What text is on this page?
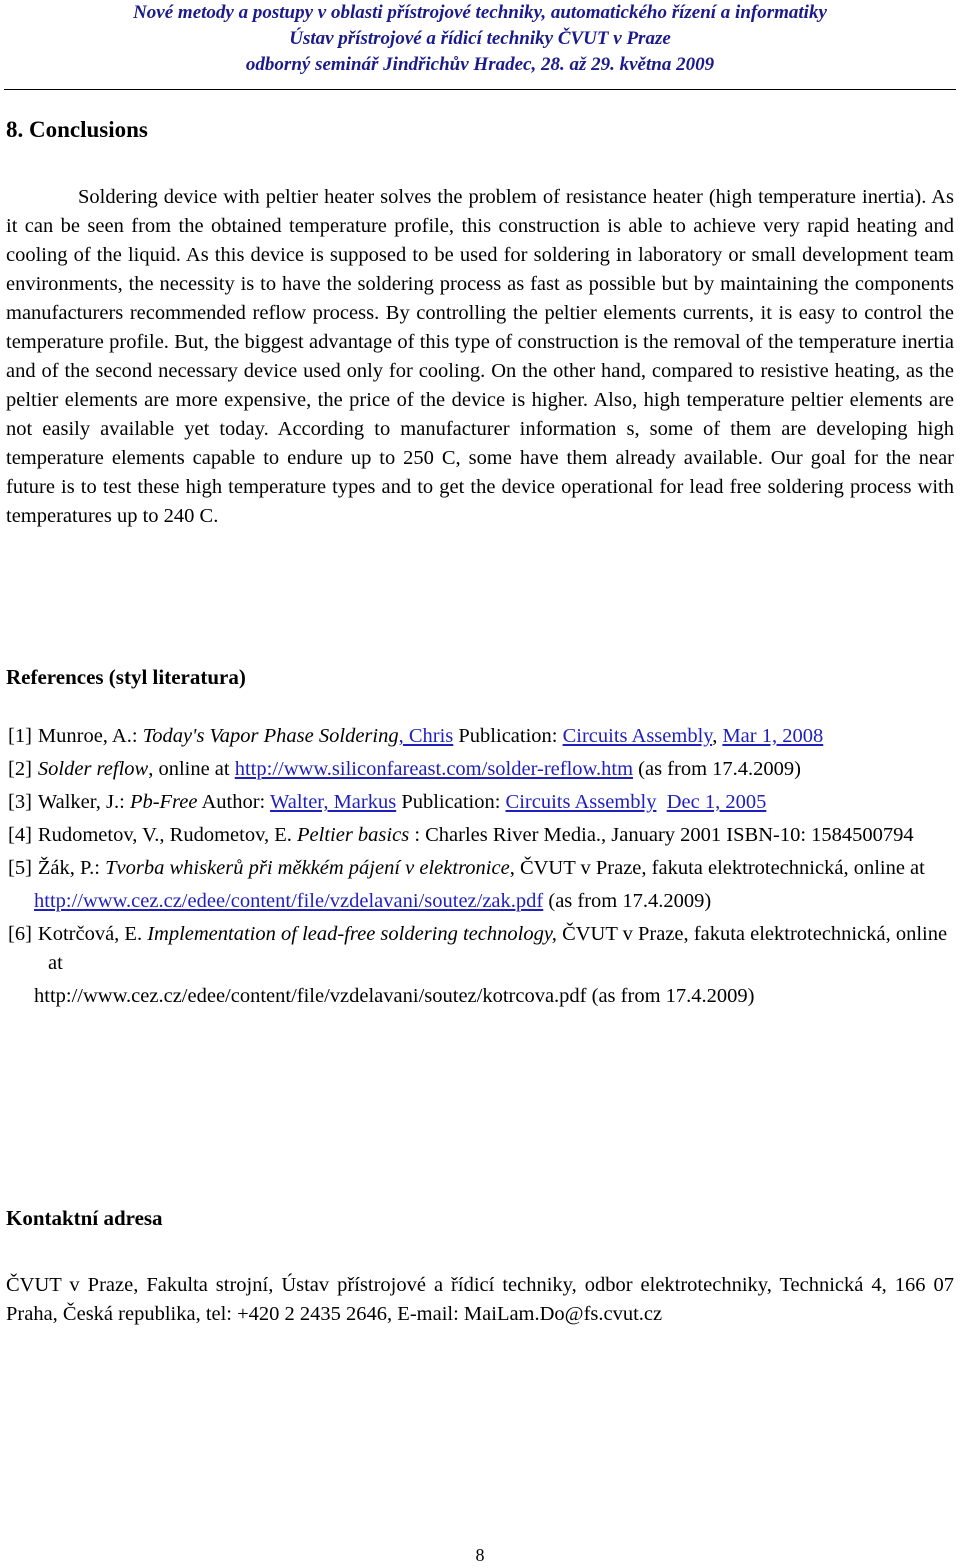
Nové metody a postupy v oblasti přístrojové techniky, automatického řízení a informatiky
Ústav přístrojové a řídicí techniky ČVUT v Praze
odborný seminář Jindřichův Hradec, 28. až 29. května 2009
8. Conclusions
Soldering device with peltier heater solves the problem of resistance heater (high temperature inertia). As it can be seen from the obtained temperature profile, this construction is able to achieve very rapid heating and cooling of the liquid. As this device is supposed to be used for soldering in laboratory or small development team environments, the necessity is to have the soldering process as fast as possible but by maintaining the components manufacturers recommended reflow process. By controlling the peltier elements currents, it is easy to control the temperature profile. But, the biggest advantage of this type of construction is the removal of the temperature inertia and of the second necessary device used only for cooling. On the other hand, compared to resistive heating, as the peltier elements are more expensive, the price of the device is higher. Also, high temperature peltier elements are not easily available yet today. According to manufacturer information s, some of them are developing high temperature elements capable to endure up to 250 C, some have them already available. Our goal for the near future is to test these high temperature types and to get the device operational for lead free soldering process with temperatures up to 240 C.
References (styl literatura)
[1] Munroe, A.: Today's Vapor Phase Soldering, Chris Publication: Circuits Assembly, Mar 1, 2008
[2] Solder reflow, online at http://www.siliconfareast.com/solder-reflow.htm (as from 17.4.2009)
[3] Walker, J.: Pb-Free Author: Walter, Markus Publication: Circuits Assembly Dec 1, 2005
[4] Rudometov, V., Rudometov, E. Peltier basics : Charles River Media., January 2001 ISBN-10: 1584500794
[5] Žák, P.: Tvorba whiskerů při měkkém pájení v elektronice, ČVUT v Praze, fakuta elektrotechnická, online at
http://www.cez.cz/edee/content/file/vzdelavani/soutez/zak.pdf (as from 17.4.2009)
[6] Kotrčová, E. Implementation of lead-free soldering technology, ČVUT v Praze, fakuta elektrotechnická, online at
http://www.cez.cz/edee/content/file/vzdelavani/soutez/kotrcova.pdf (as from 17.4.2009)
Kontaktní adresa
ČVUT v Praze, Fakulta strojní, Ústav přístrojové a řídicí techniky, odbor elektrotechniky, Technická 4, 166 07 Praha, Česká republika, tel: +420 2 2435 2646, E-mail: MaiLam.Do@fs.cvut.cz
8
